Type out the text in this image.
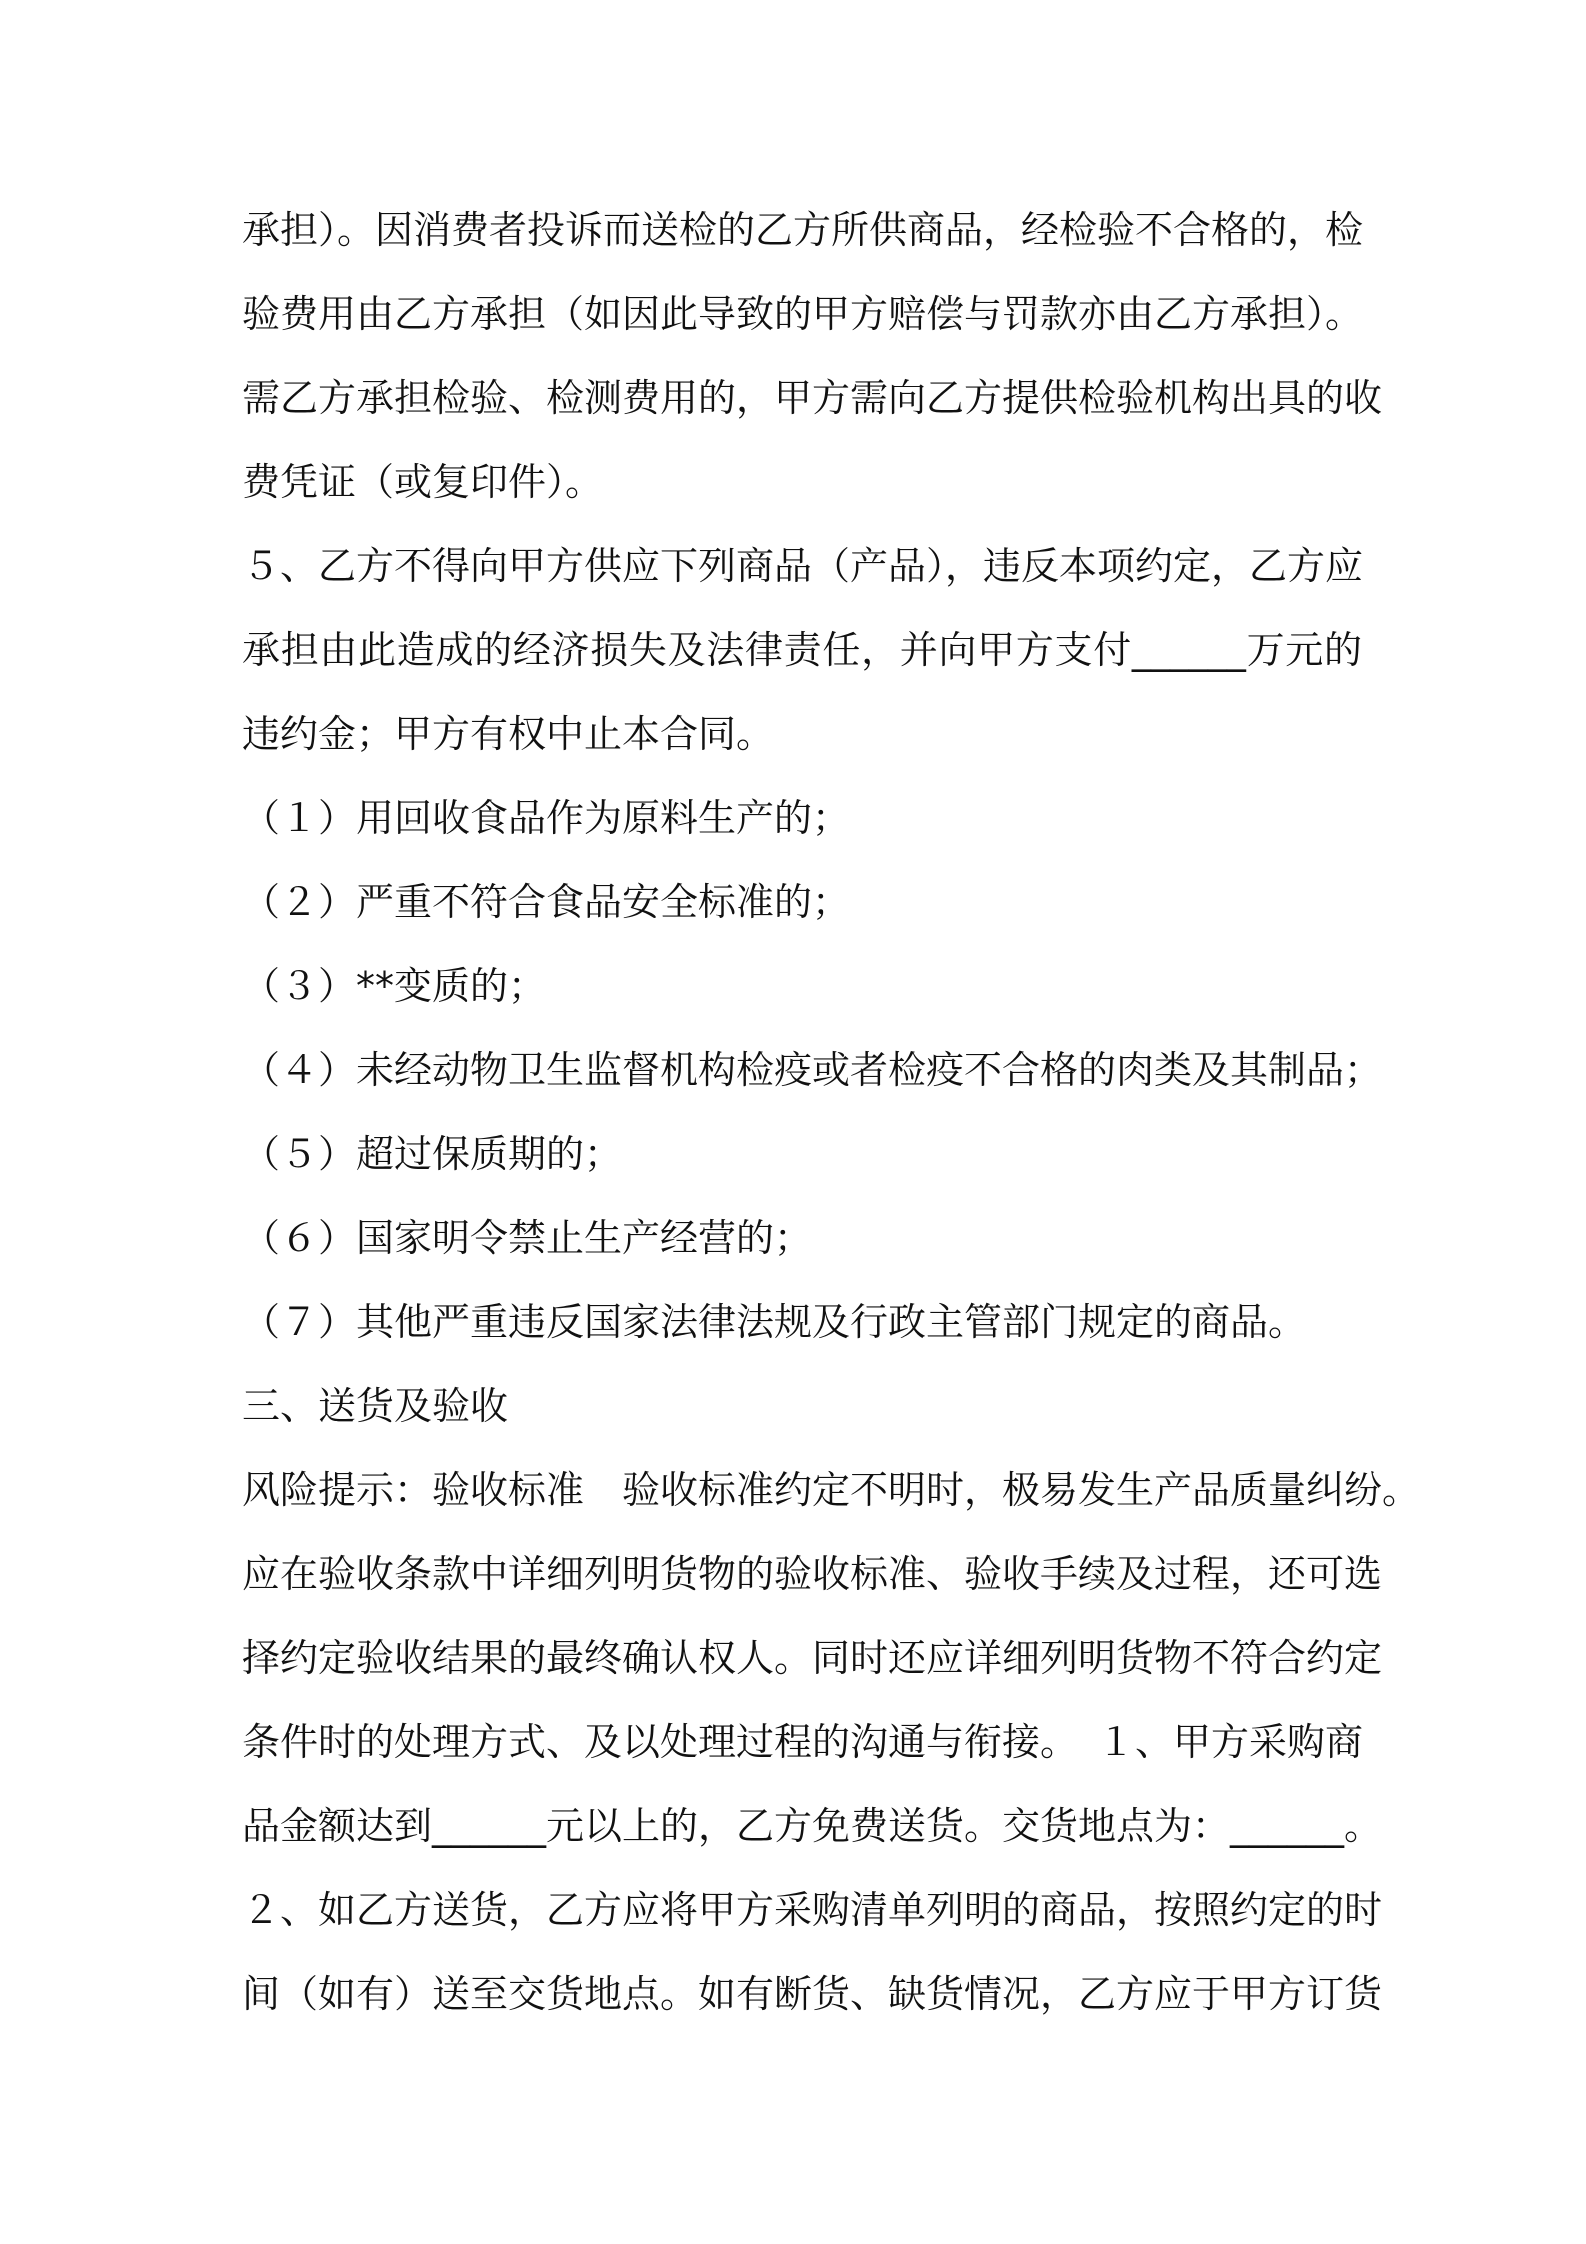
承担）。因消费者投诉而送检的乙方所供商品，经检验不合格的，检
验费用由乙方承担（如因此导致的甲方赔偿与罚款亦由乙方承担）。
需乙方承担检验、检测费用的，甲方需向乙方提供检验机构出具的收
费凭证（或复印件）。
５、乙方不得向甲方供应下列商品（产品），违反本项约定，乙方应
承担由此造成的经济损失及法律责任，并向甲方支付______万元的
违约金；甲方有权中止本合同。
（１）用回收食品作为原料生产的；
（２）严重不符合食品安全标准的；
（３）**变质的；
（４）未经动物卫生监督机构检疫或者检疫不合格的肉类及其制品；
（５）超过保质期的；
（６）国家明令禁止生产经营的；
（７）其他严重违反国家法律法规及行政主管部门规定的商品。
三、送货及验收
风险提示：验收标准　验收标准约定不明时，极易发生产品质量纠纷。
应在验收条款中详细列明货物的验收标准、验收手续及过程，还可选
择约定验收结果的最终确认权人。同时还应详细列明货物不符合约定
条件时的处理方式、及以处理过程的沟通与衔接。　１、甲方采购商
品金额达到______元以上的，乙方免费送货。交货地点为：______。
２、如乙方送货，乙方应将甲方采购清单列明的商品，按照约定的时
间（如有）送至交货地点。如有断货、缺货情况，乙方应于甲方订货
